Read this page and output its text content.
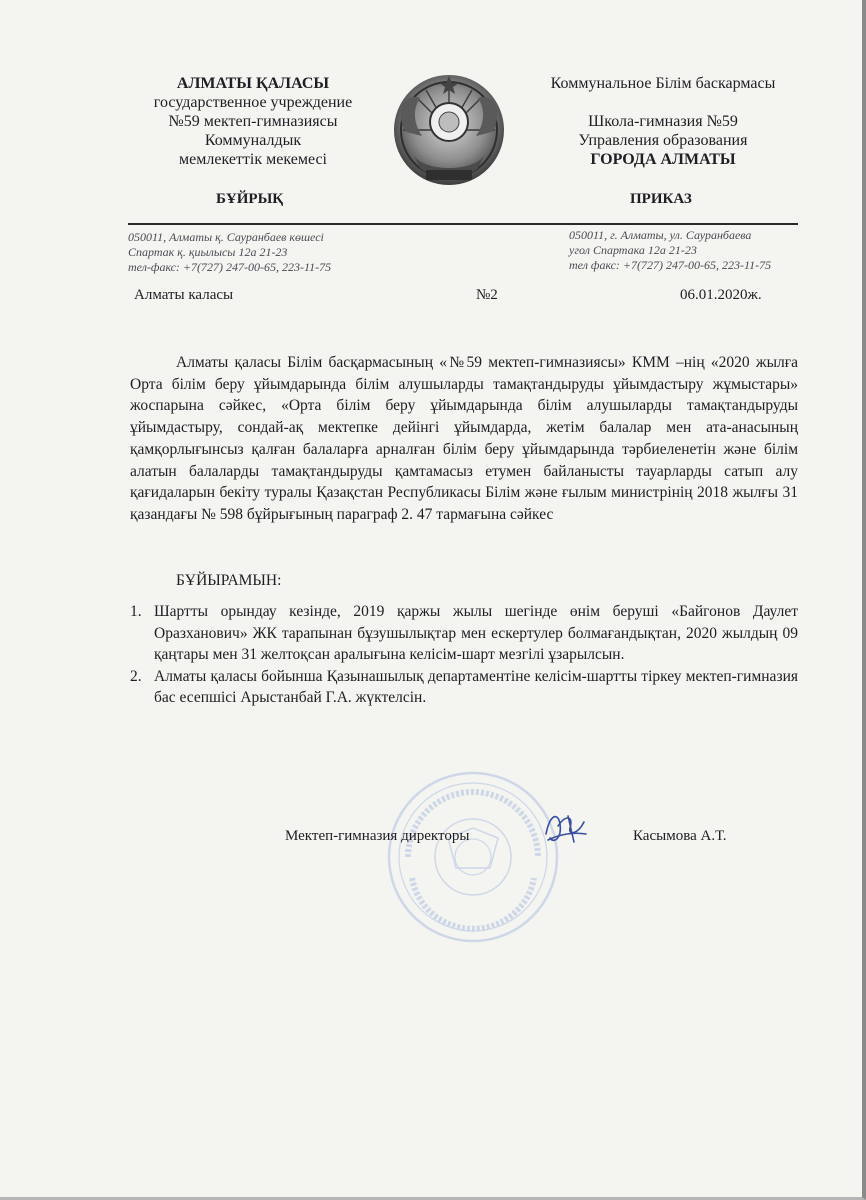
АЛМАТЫ ҚАЛАСЫ
государственное учреждение
№59 мектеп-гимназиясы
Коммуналдык
мемлекеттік мекемесі
БҰЙРЫҚ
Коммунальное Білім баскармасы
Школа-гимназия №59
Управления образования
ГОРОДА АЛМАТЫ
ПРИКАЗ
050011, Алматы қ. Сауранбаев көшесі
Спартак қ. қиылысы 12а 21-23
тел-факс: +7(727) 247-00-65, 223-11-75
050011, г. Алматы, ул. Сауранбаева
угол Спартака 12а 21-23
тел факс: +7(727) 247-00-65, 223-11-75
Алматы каласы	№2	06.01.2020ж.

Алматы қаласы Білім басқармасының «№59 мектеп-гимназиясы» КММ –нің «2020 жылға Орта білім беру ұйымдарында білім алушыларды тамақтандыруды ұйымдастыру жұмыстары» жоспарына сәйкес, «Орта білім беру ұйымдарында білім алушыларды тамақтандыруды ұйымдастыру, сондай-ақ мектепке дейінгі ұйымдарда, жетім балалар мен ата-анасының қамқорлығынсыз қалған балаларға арналған білім беру ұйымдарында тәрбиеленетін және білім алатын балаларды тамақтандыруды қамтамасыз етумен байланысты тауарларды сатып алу қағидаларын бекіту туралы Қазақстан Республикасы Білім және ғылым министрінің 2018 жылғы 31 қазандағы № 598 бұйрығының параграф 2. 47 тармағына сәйкес

БҰЙЫРАМЫН:
1. Шартты орындау кезінде, 2019 қаржы жылы шегінде өнім беруші «Байгонов Даулет Оразханович» ЖК тарапынан бұзушылықтар мен ескертулер болмағандықтан, 2020 жылдың 09 қаңтары мен 31 желтоқсан аралығына келісім-шарт мезгілі ұзарылсын.
2. Алматы қаласы бойынша Қазынашылық департаментіне келісім-шартты тіркеу мектеп-гимназия бас есепшісі Арыстанбай Г.А. жүктелсін.
Мектеп-гимназия директоры	Касымова А.Т.
